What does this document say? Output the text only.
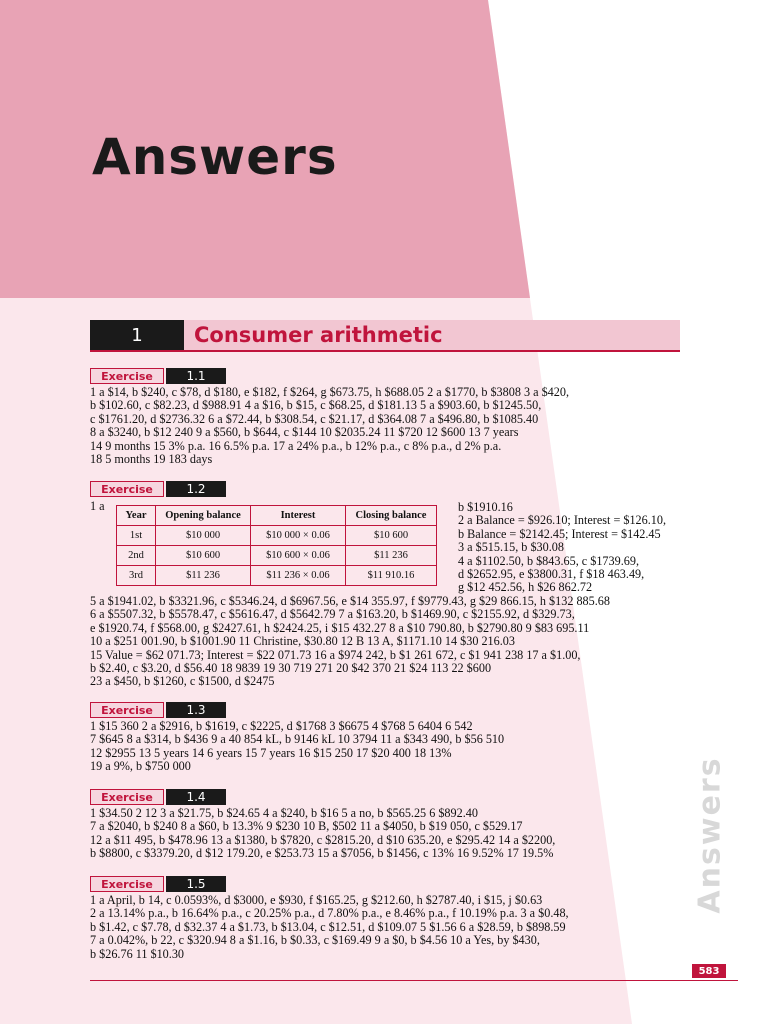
Answers
1	Consumer arithmetic
Exercise	1.1
1 a $14, b $240, c $78, d $180, e $182, f $264, g $673.75, h $688.05 2 a $1770, b $3808 3 a $420,
b $102.60, c $82.23, d $988.91 4 a $16, b $15, c $68.25, d $181.13 5 a $903.60, b $1245.50,
c $1761.20, d $2736.32 6 a $72.44, b $308.54, c $21.17, d $364.08 7 a $496.80, b $1085.40
8 a $3240, b $12 240 9 a $560, b $644, c $144 10 $2035.24 11 $720 12 $600 13 7 years
14 9 months 15 3% p.a. 16 6.5% p.a. 17 a 24% p.a., b 12% p.a., c 8% p.a., d 2% p.a.
18 5 months 19 183 days
Exercise	1.2
1 a
Year	Opening balance	Interest	Closing balance
1st	$10 000	$10 000 × 0.06	$10 600
2nd	$10 600	$10 600 × 0.06	$11 236
3rd	$11 236	$11 236 × 0.06	$11 910.16
b $1910.16
2 a Balance = $926.10; Interest = $126.10,
b Balance = $2142.45; Interest = $142.45
3 a $515.15, b $30.08
4 a $1102.50, b $843.65, c $1739.69,
d $2652.95, e $3800.31, f $18 463.49,
g $12 452.56, h $26 862.72
5 a $1941.02, b $3321.96, c $5346.24, d $6967.56, e $14 355.97, f $9779.43, g $29 866.15, h $132 885.68
6 a $5507.32, b $5578.47, c $5616.47, d $5642.79 7 a $163.20, b $1469.90, c $2155.92, d $329.73,
e $1920.74, f $568.00, g $2427.61, h $2424.25, i $15 432.27 8 a $10 790.80, b $2790.80 9 $83 695.11
10 a $251 001.90, b $1001.90 11 Christine, $30.80 12 B 13 A, $1171.10 14 $30 216.03
15 Value = $62 071.73; Interest = $22 071.73 16 a $974 242, b $1 261 672, c $1 941 238 17 a $1.00,
b $2.40, c $3.20, d $56.40 18 9839 19 30 719 271 20 $42 370 21 $24 113 22 $600
23 a $450, b $1260, c $1500, d $2475
Exercise	1.3
1 $15 360 2 a $2916, b $1619, c $2225, d $1768 3 $6675 4 $768 5 6404 6 542
7 $645 8 a $314, b $436 9 a 40 854 kL, b 9146 kL 10 3794 11 a $343 490, b $56 510
12 $2955 13 5 years 14 6 years 15 7 years 16 $15 250 17 $20 400 18 13%
19 a 9%, b $750 000
Exercise	1.4
1 $34.50 2 12 3 a $21.75, b $24.65 4 a $240, b $16 5 a no, b $565.25 6 $892.40
7 a $2040, b $240 8 a $60, b 13.3% 9 $230 10 B, $502 11 a $4050, b $19 050, c $529.17
12 a $11 495, b $478.96 13 a $1380, b $7820, c $2815.20, d $10 635.20, e $295.42 14 a $2200,
b $8800, c $3379.20, d $12 179.20, e $253.73 15 a $7056, b $1456, c 13% 16 9.52% 17 19.5%
Exercise	1.5
1 a April, b 14, c 0.0593%, d $3000, e $930, f $165.25, g $212.60, h $2787.40, i $15, j $0.63
2 a 13.14% p.a., b 16.64% p.a., c 20.25% p.a., d 7.80% p.a., e 8.46% p.a., f 10.19% p.a. 3 a $0.48,
b $1.42, c $7.78, d $32.37 4 a $1.73, b $13.04, c $12.51, d $109.07 5 $1.56 6 a $28.59, b $898.59
7 a 0.042%, b 22, c $320.94 8 a $1.16, b $0.33, c $169.49 9 a $0, b $4.56 10 a Yes, by $430,
b $26.76 11 $10.30
Answers
583
